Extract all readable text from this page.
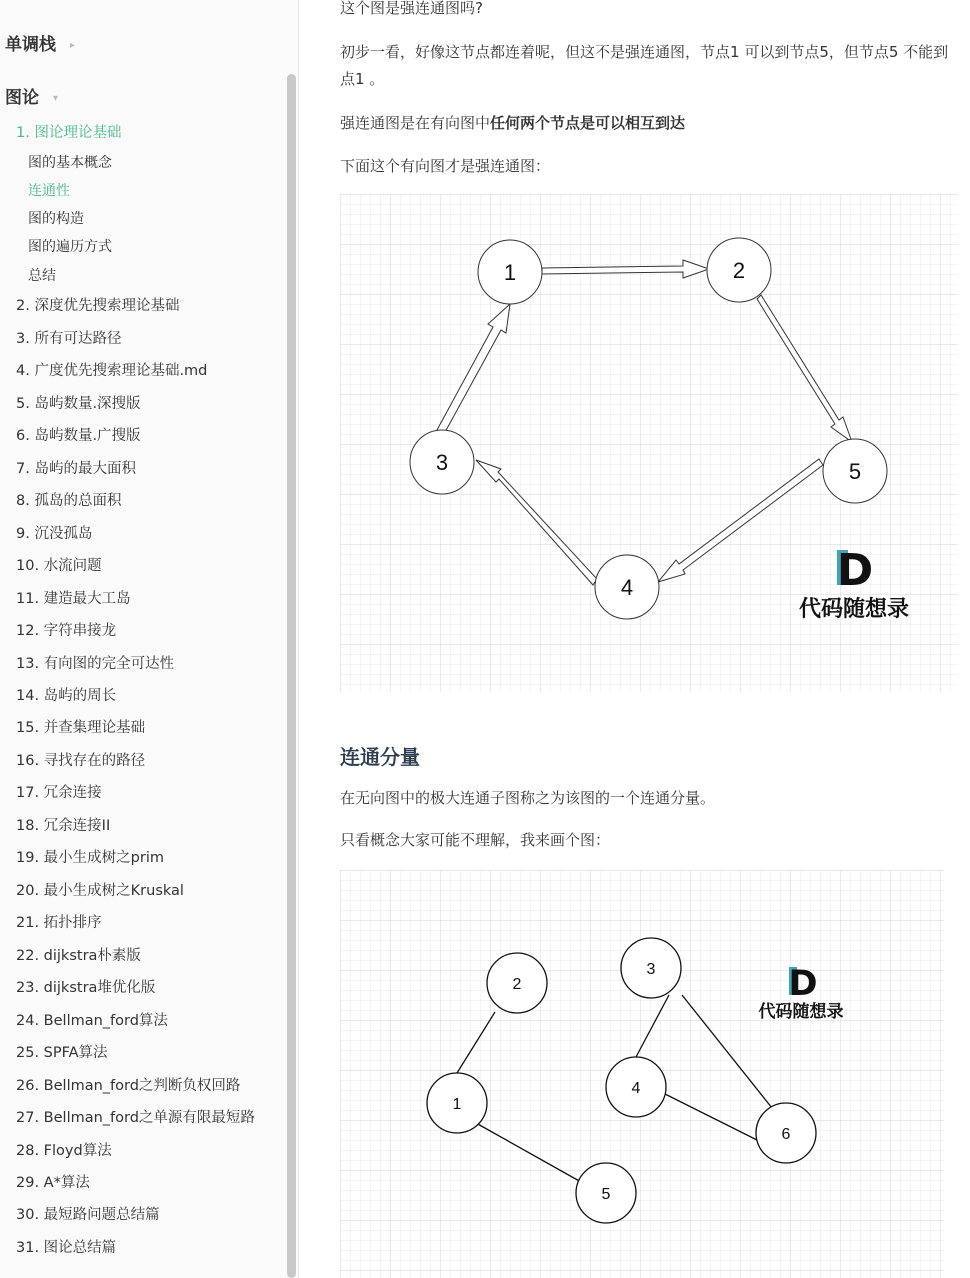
单调栈 ▸
图论 ▾
1. 图论理论基础
图的基本概念
连通性
图的构造
图的遍历方式
总结
2. 深度优先搜索理论基础
3. 所有可达路径
4. 广度优先搜索理论基础.md
5. 岛屿数量.深搜版
6. 岛屿数量.广搜版
7. 岛屿的最大面积
8. 孤岛的总面积
9. 沉没孤岛
10. 水流问题
11. 建造最大工岛
12. 字符串接龙
13. 有向图的完全可达性
14. 岛屿的周长
15. 并查集理论基础
16. 寻找存在的路径
17. 冗余连接
18. 冗余连接II
19. 最小生成树之prim
20. 最小生成树之Kruskal
21. 拓扑排序
22. dijkstra朴素版
23. dijkstra堆优化版
24. Bellman_ford算法
25. SPFA算法
26. Bellman_ford之判断负权回路
27. Bellman_ford之单源有限最短路
28. Floyd算法
29. A*算法
30. 最短路问题总结篇
31. 图论总结篇
这个图是强连通图吗?
初步一看，好像这节点都连着呢，但这不是强连通图，节点1 可以到节点5，但节点5 不能到
点1 。
强连通图是在有向图中任何两个节点是可以相互到达
下面这个有向图才是强连通图：
1	2
3
4
5
D
代码随想录
连通分量
在无向图中的极大连通子图称之为该图的一个连通分量。
只看概念大家可能不理解，我来画个图：
1
2
3
4
5
6
D
代码随想录
